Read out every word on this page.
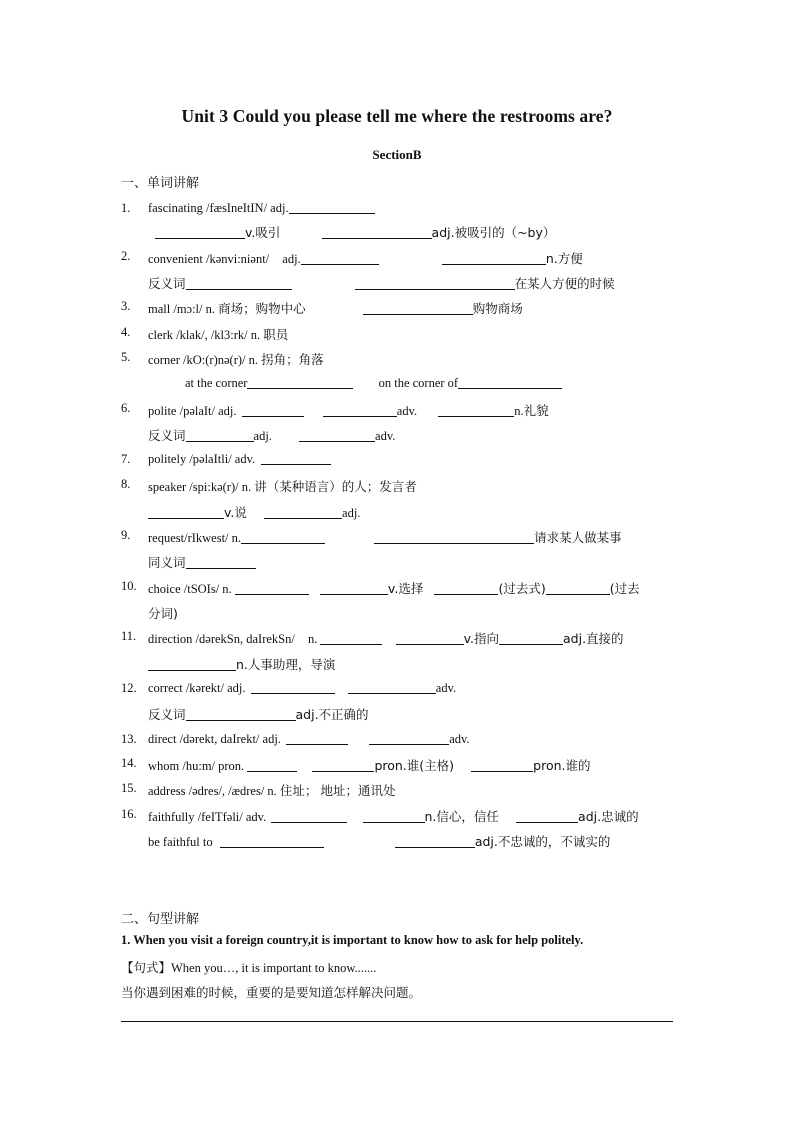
Unit 3 Could you please tell me where the restrooms are?
SectionB
一、单词讲解
1. fascinating /fæsIneItIN/ adj.
v.吸引	adj.被吸引的（~by）
2. convenient /kənvi:niənt/ adj.	n.方便
反义词	在某人方便的时候
3. mall /mɔ:l/ n. 商场；购物中心	购物商场
4. clerk /klak/, /kl3:rk/ n. 职员
5. corner /kO:(r)nə(r)/ n. 拐角；角落
at the corner	on the corner of
6. polite /pəlaIt/ adj.	adv.	n.礼貌
反义词	adj.	adv.
7. politely /pəlaItli/ adv.
8. speaker /spi:kə(r)/ n. 讲（某种语言）的人；发言者
v.说	adj.
9. request/rIkwest/ n.	请求某人做某事
同义词
10. choice /tSOIs/ n.	v.选择	(过去式)	(过去
分词)
11. direction /dərekSn, daIrekSn/ n.	v.指向	adj.直接的
n.人事助理，导演
12. correct /kərekt/ adj.	adv.
反义词	adj.不正确的
13. direct /dərekt, daIrekt/ adj.	adv.
14. whom /hu:m/ pron.	pron.谁(主格)	pron.谁的
15. address /ədres/, /ædres/ n. 住址； 地址；通讯处
16. faithfully /feITfəli/ adv.	n.信心，信任	adj.忠诚的
be faithful to	adj.不忠诚的，不诚实的
二、句型讲解
1. When you visit a foreign country,it is important to know how to ask for help politely.
【句式】When you…, it is important to know.......
当你遇到困难的时候，重要的是要知道怎样解决问题。
